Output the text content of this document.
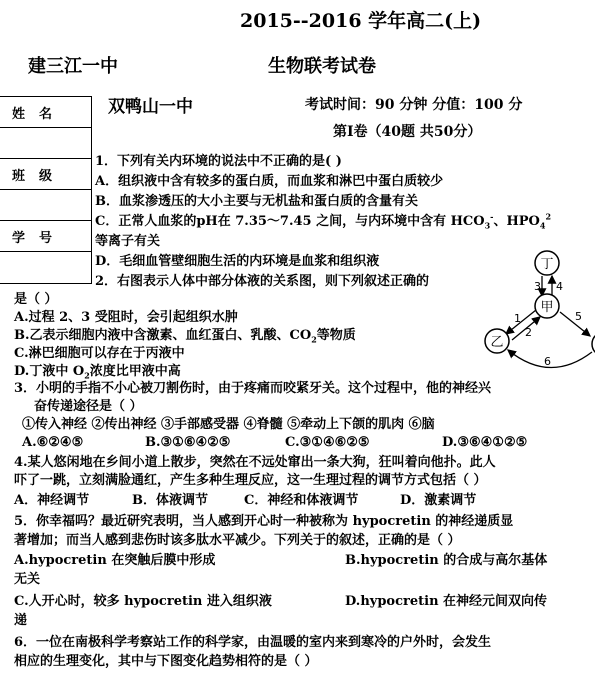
2015--2016 学年高二(上)
建三江一中	生物联考试卷
双鸭山一中	考试时间：90 分钟 分值：100 分
第Ⅰ卷（40题 共50分）
姓名
班级
学号
1．下列有关内环境的说法中不正确的是( )
A．组织液中含有较多的蛋白质，而血浆和淋巴中蛋白质较少
B．血浆渗透压的大小主要与无机盐和蛋白质的含量有关
C．正常人血浆的pH在 7.35～7.45 之间，与内环境中含有 $HCO_3^-$、$HPO_4^2$
等离子有关
D．毛细血管壁细胞生活的内环境是血浆和组织液
2．右图表示人体中部分体液的关系图，则下列叙述正确的
是（ ）
A.过程 2、3 受阻时，会引起组织水肿
B.乙表示细胞内液中含激素、血红蛋白、乳酸、$CO_2$等物质
C.淋巴细胞可以存在于丙液中
D.丁液中 $O_2$浓度比甲液中高
丁
甲
乙
3 4
1
2
5
6
3．小明的手指不小心被刀割伤时，由于疼痛而咬紧牙关。这个过程中，他的神经兴
奋传递途径是（ ）
①传入神经 ②传出神经 ③手部感受器 ④脊髓 ⑤牵动上下颌的肌肉 ⑥脑
A.⑥②④⑤	B.③①⑥④②⑤	C.③①④⑥②⑤	D.③⑥④①②⑤
4.某人悠闲地在乡间小道上散步，突然在不远处窜出一条大狗，狂叫着向他扑。此人
吓了一跳，立刻满脸通红，产生多种生理反应，这一生理过程的调节方式包括（ ）
A．神经调节	B．体液调节	C．神经和体液调节	D．激素调节
5．你幸福吗？最近研究表明，当人感到开心时一种被称为 hypocretin 的神经递质显
著增加；而当人感到悲伤时该多肽水平减少。下列关于的叙述，正确的是（ ）
A.hypocretin 在突触后膜中形成	B.hypocretin 的合成与高尔基体
无关
C.人开心时，较多 hypocretin 进入组织液	D.hypocretin 在神经元间双向传
递
6．一位在南极科学考察站工作的科学家，由温暖的室内来到寒冷的户外时，会发生
相应的生理变化，其中与下图变化趋势相符的是（ ）
